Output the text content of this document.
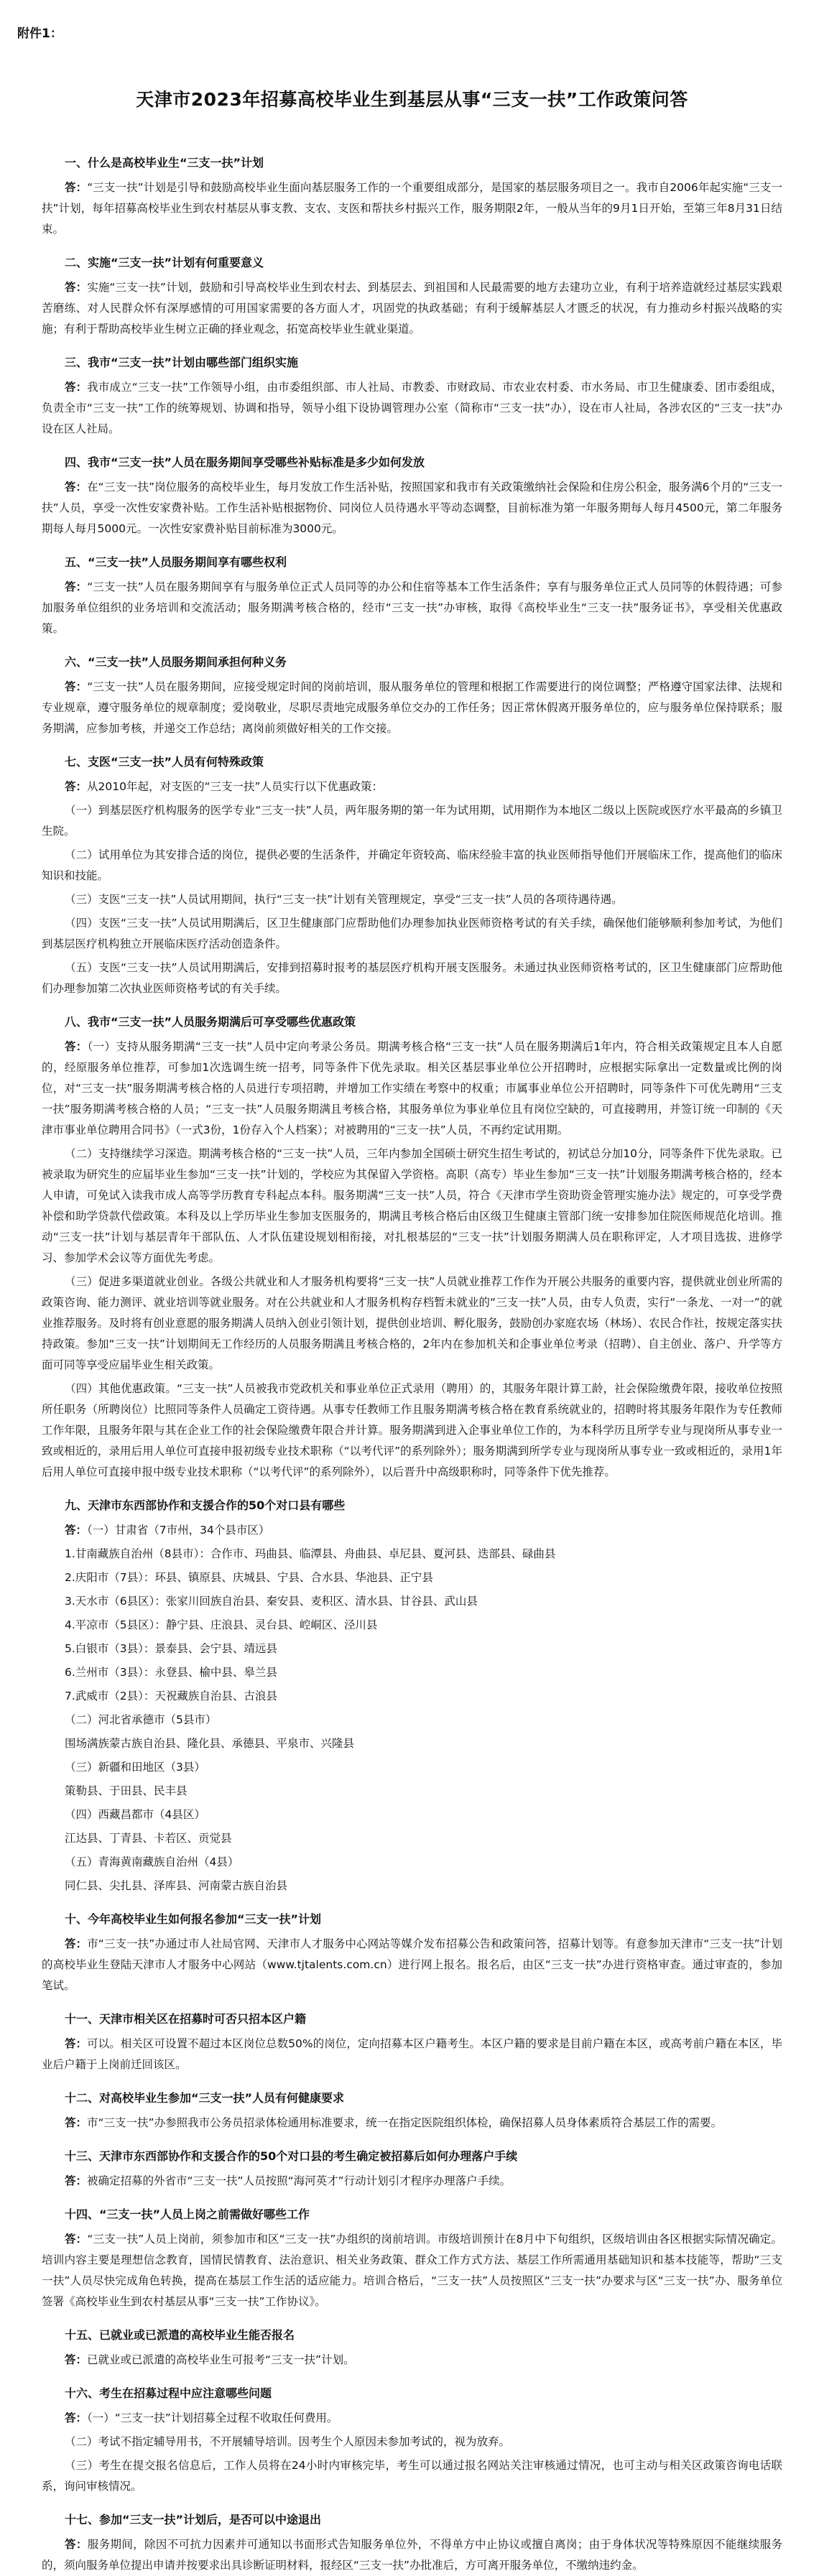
附件1：
天津市2023年招募高校毕业生到基层从事“三支一扶”工作政策问答
一、什么是高校毕业生“三支一扶”计划

答：“三支一扶”计划是引导和鼓励高校毕业生面向基层服务工作的一个重要组成部分，是国家的基层服务项目之一。我市自2006年起实施“三支一扶”计划，每年招募高校毕业生到农村基层从事支教、支农、支医和帮扶乡村振兴工作，服务期限2年，一般从当年的9月1日开始，至第三年8月31日结束。

二、实施“三支一扶”计划有何重要意义

答：实施“三支一扶”计划，鼓励和引导高校毕业生到农村去、到基层去、到祖国和人民最需要的地方去建功立业，有利于培养造就经过基层实践艰苦磨练、对人民群众怀有深厚感情的可用国家需要的各方面人才，巩固党的执政基础；有利于缓解基层人才匮乏的状况，有力推动乡村振兴战略的实施；有利于帮助高校毕业生树立正确的择业观念，拓宽高校毕业生就业渠道。

三、我市“三支一扶”计划由哪些部门组织实施

答：我市成立“三支一扶”工作领导小组，由市委组织部、市人社局、市教委、市财政局、市农业农村委、市水务局、市卫生健康委、团市委组成，负责全市“三支一扶”工作的统筹规划、协调和指导，领导小组下设协调管理办公室（简称市“三支一扶”办），设在市人社局，各涉农区的“三支一扶”办设在区人社局。

四、我市“三支一扶”人员在服务期间享受哪些补贴标准是多少如何发放

答：在“三支一扶”岗位服务的高校毕业生，每月发放工作生活补贴，按照国家和我市有关政策缴纳社会保险和住房公积金，服务满6个月的“三支一扶”人员，享受一次性安家费补贴。工作生活补贴根据物价、同岗位人员待遇水平等动态调整，目前标准为第一年服务期每人每月4500元，第二年服务期每人每月5000元。一次性安家费补贴目前标准为3000元。

五、“三支一扶”人员服务期间享有哪些权利

答：“三支一扶”人员在服务期间享有与服务单位正式人员同等的办公和住宿等基本工作生活条件；享有与服务单位正式人员同等的休假待遇；可参加服务单位组织的业务培训和交流活动；服务期满考核合格的，经市“三支一扶”办审核，取得《高校毕业生“三支一扶”服务证书》，享受相关优惠政策。

六、“三支一扶”人员服务期间承担何种义务

答：“三支一扶”人员在服务期间，应接受规定时间的岗前培训，服从服务单位的管理和根据工作需要进行的岗位调整；严格遵守国家法律、法规和专业规章，遵守服务单位的规章制度；爱岗敬业，尽职尽责地完成服务单位交办的工作任务；因正常休假离开服务单位的，应与服务单位保持联系；服务期满，应参加考核，并递交工作总结；离岗前须做好相关的工作交接。

七、支医“三支一扶”人员有何特殊政策

答：从2010年起，对支医的“三支一扶”人员实行以下优惠政策：

（一）到基层医疗机构服务的医学专业“三支一扶”人员，两年服务期的第一年为试用期，试用期作为本地区二级以上医院或医疗水平最高的乡镇卫生院。

（二）试用单位为其安排合适的岗位，提供必要的生活条件，并确定年资较高、临床经验丰富的执业医师指导他们开展临床工作，提高他们的临床知识和技能。

（三）支医“三支一扶”人员试用期间，执行“三支一扶”计划有关管理规定，享受“三支一扶”人员的各项待遇待遇。

（四）支医“三支一扶”人员试用期满后，区卫生健康部门应帮助他们办理参加执业医师资格考试的有关手续，确保他们能够顺利参加考试，为他们到基层医疗机构独立开展临床医疗活动创造条件。

（五）支医“三支一扶”人员试用期满后，安排到招募时报考的基层医疗机构开展支医服务。未通过执业医师资格考试的，区卫生健康部门应帮助他们办理参加第二次执业医师资格考试的有关手续。

八、我市“三支一扶”人员服务期满后可享受哪些优惠政策

答：（一）支持从服务期满“三支一扶”人员中定向考录公务员。期满考核合格“三支一扶”人员在服务期满后1年内，符合相关政策规定且本人自愿的，经原服务单位推荐，可参加1次选调生统一招考，同等条件下优先录取。相关区基层事业单位公开招聘时，应根据实际拿出一定数量或比例的岗位，对“三支一扶”服务期满考核合格的人员进行专项招聘，并增加工作实绩在考察中的权重；市属事业单位公开招聘时，同等条件下可优先聘用“三支一扶”服务期满考核合格的人员；“三支一扶”人员服务期满且考核合格，其服务单位为事业单位且有岗位空缺的，可直接聘用，并签订统一印制的《天津市事业单位聘用合同书》（一式3份，1份存入个人档案）；对被聘用的“三支一扶”人员，不再约定试用期。

（二）支持继续学习深造。期满考核合格的“三支一扶”人员，三年内参加全国硕士研究生招生考试的，初试总分加10分，同等条件下优先录取。已被录取为研究生的应届毕业生参加“三支一扶”计划的，学校应为其保留入学资格。高职（高专）毕业生参加“三支一扶”计划服务期满考核合格的，经本人申请，可免试入读我市成人高等学历教育专科起点本科。服务期满“三支一扶”人员，符合《天津市学生资助资金管理实施办法》规定的，可享受学费补偿和助学贷款代偿政策。本科及以上学历毕业生参加支医服务的，期满且考核合格后由区级卫生健康主管部门统一安排参加住院医师规范化培训。推动“三支一扶”计划与基层青年干部队伍、人才队伍建设规划相衔接，对扎根基层的“三支一扶”计划服务期满人员在职称评定，人才项目选拔、进修学习、参加学术会议等方面优先考虑。

（三）促进多渠道就业创业。各级公共就业和人才服务机构要将“三支一扶”人员就业推荐工作作为开展公共服务的重要内容，提供就业创业所需的政策咨询、能力测评、就业培训等就业服务。对在公共就业和人才服务机构存档暂未就业的“三支一扶”人员，由专人负责，实行“一条龙、一对一”的就业推荐服务。及时将有创业意愿的服务期满人员纳入创业引领计划，提供创业培训、孵化服务，鼓励创办家庭农场（林场）、农民合作社，按规定落实扶持政策。参加“三支一扶”计划期间无工作经历的人员服务期满且考核合格的，2年内在参加机关和企事业单位考录（招聘）、自主创业、落户、升学等方面可同等享受应届毕业生相关政策。

（四）其他优惠政策。“三支一扶”人员被我市党政机关和事业单位正式录用（聘用）的，其服务年限计算工龄，社会保险缴费年限，接收单位按照所任职务（所聘岗位）比照同等条件人员确定工资待遇。从事专任教师工作且服务期满考核合格在教育系统就业的，招聘时将其服务年限作为专任教师工作年限，且服务年限与其在企业工作的社会保险缴费年限合并计算。服务期满到进入企事业单位工作的，为本科学历且所学专业与现岗所从事专业一致或相近的，录用后用人单位可直接申报初级专业技术职称（“以考代评”的系列除外）；服务期满到所学专业与现岗所从事专业一致或相近的，录用1年后用人单位可直接申报中级专业技术职称（“以考代评”的系列除外），以后晋升中高级职称时，同等条件下优先推荐。

九、天津市东西部协作和支援合作的50个对口县有哪些

答：（一）甘肃省（7市州，34个县市区）

1.甘南藏族自治州（8县市）：合作市、玛曲县、临潭县、舟曲县、卓尼县、夏河县、迭部县、碌曲县

2.庆阳市（7县）：环县、镇原县、庆城县、宁县、合水县、华池县、正宁县

3.天水市（6县区）：张家川回族自治县、秦安县、麦积区、清水县、甘谷县、武山县

4.平凉市（5县区）：静宁县、庄浪县、灵台县、崆峒区、泾川县

5.白银市（3县）：景泰县、会宁县、靖远县

6.兰州市（3县）：永登县、榆中县、皋兰县

7.武威市（2县）：天祝藏族自治县、古浪县

（二）河北省承德市（5县市）

围场满族蒙古族自治县、隆化县、承德县、平泉市、兴隆县

（三）新疆和田地区（3县）

策勒县、于田县、民丰县

（四）西藏昌都市（4县区）

江达县、丁青县、卡若区、贡觉县

（五）青海黄南藏族自治州（4县）

同仁县、尖扎县、泽库县、河南蒙古族自治县

十、今年高校毕业生如何报名参加“三支一扶”计划

答：市“三支一扶”办通过市人社局官网、天津市人才服务中心网站等媒介发布招募公告和政策问答，招募计划等。有意参加天津市“三支一扶”计划的高校毕业生登陆天津市人才服务中心网站（www.tjtalents.com.cn）进行网上报名。报名后，由区“三支一扶”办进行资格审查。通过审查的，参加笔试。

十一、天津市相关区在招募时可否只招本区户籍

答：可以。相关区可设置不超过本区岗位总数50%的岗位，定向招募本区户籍考生。本区户籍的要求是目前户籍在本区，或高考前户籍在本区，毕业后户籍于上岗前迁回该区。

十二、对高校毕业生参加“三支一扶”人员有何健康要求

答：市“三支一扶”办参照我市公务员招录体检通用标准要求，统一在指定医院组织体检，确保招募人员身体素质符合基层工作的需要。

十三、天津市东西部协作和支援合作的50个对口县的考生确定被招募后如何办理落户手续

答：被确定招募的外省市“三支一扶”人员按照“海河英才”行动计划引才程序办理落户手续。

十四、“三支一扶”人员上岗之前需做好哪些工作

答：“三支一扶”人员上岗前，须参加市和区“三支一扶”办组织的岗前培训。市级培训预计在8月中下旬组织，区级培训由各区根据实际情况确定。培训内容主要是理想信念教育，国情民情教育、法治意识、相关业务政策、群众工作方式方法、基层工作所需通用基础知识和基本技能等，帮助“三支一扶”人员尽快完成角色转换，提高在基层工作生活的适应能力。培训合格后，“三支一扶”人员按照区“三支一扶”办要求与区“三支一扶”办、服务单位签署《高校毕业生到农村基层从事“三支一扶”工作协议》。

十五、已就业或已派遣的高校毕业生能否报名

答：已就业或已派遣的高校毕业生可报考“三支一扶”计划。

十六、考生在招募过程中应注意哪些问题

答：（一）“三支一扶”计划招募全过程不收取任何费用。

（二）考试不指定辅导用书，不开展辅导培训。因考生个人原因未参加考试的，视为放弃。

（三）考生在提交报名信息后，工作人员将在24小时内审核完毕，考生可以通过报名网站关注审核通过情况，也可主动与相关区政策咨询电话联系，询问审核情况。

十七、参加“三支一扶”计划后，是否可以中途退出

答：服务期间，除因不可抗力因素并可通知以书面形式告知服务单位外，不得单方中止协议或擅自离岗；由于身体状况等特殊原因不能继续服务的，须向服务单位提出申请并按要求出具诊断证明材料，报经区“三支一扶”办批准后，方可离开服务单位，不缴纳违约金。
